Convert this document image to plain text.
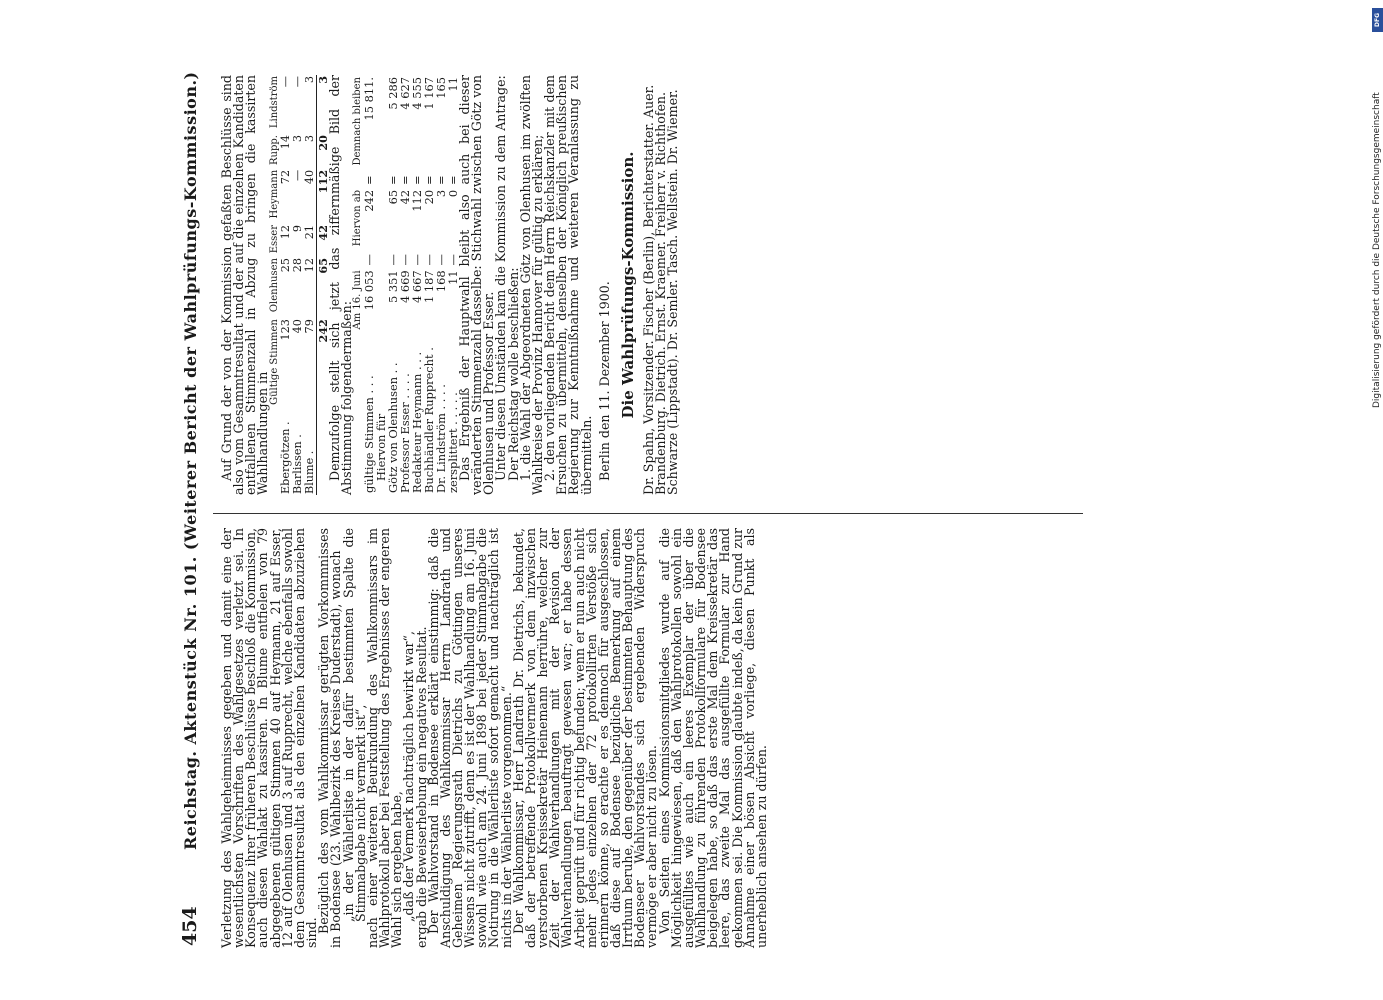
454
Reichstag. Aktenstück Nr. 101. (Weiterer Bericht der Wahlprüfungs-Kommission.) Verletzung des Wahlgeheimnisses gegeben und damit eine der wesentlichsten Vorschriften des Wahlgesetzes verletzt sei. In Konsequenz ihrer früheren Beschlüsse beschloß die Kommission, auch diesen Wahlakt zu kassiren. In Blume entfielen von 79 abgegebenen gültigen Stimmen 40 auf Heymann, 21 auf Esser, 12 auf Olenhusen und 3 auf Rupprecht, welche ebenfalls sowohl dem Gesammtresultat als den einzelnen Kandidaten abzuziehen sind.

Bezüglich des vom Wahlkommissar gerügten Vorkommnisses in Bodensee (23. Wahlbezirk des Kreises Duderstadt), wonach

„in der Wählerliste in der dafür bestimmten Spalte die Stimmabgabe nicht vermerkt ist“,

nach einer weiteren Beurkundung des Wahlkommissars im Wahlprotokoll aber bei Feststellung des Ergebnisses der engeren Wahl sich ergeben habe,

„daß der Vermerk nachträglich bewirkt war“,

ergab die Beweiserhebung ein negatives Resultat.

Der Wahlvorstand in Bodensee erklärt einstimmig: daß die Anschuldigung des Wahlkommissar Herrn Landrath und Geheimen Regierungsrath Dietrichs zu Göttingen unseres Wissens nicht zutrifft, denn es ist der Wahlhandlung am 16. Juni sowohl wie auch am 24. Juni 1898 bei jeder Stimmabgabe die Notirung in die Wählerliste sofort gemacht und nachträglich ist nichts in der Wählerliste vorgenommen.“

Der Wahlkommissar, Herr Landrath Dr. Dietrichs, bekundet, daß der betreffende Protokollvermerk von dem inzwischen verstorbenen Kreissekretär Heinemann herrühre, welcher zur Zeit der Wahlverhandlungen mit der Revision der Wahlverhandlungen beauftragt gewesen war; er habe dessen Arbeit geprüft und für richtig befunden; wenn er nun auch nicht mehr jedes einzelnen der 72 protokollirten Verstöße sich erinnern könne, so erachte er es dennoch für ausgeschlossen, daß diese auf Bodensee bezügliche Bemerkung auf einem Irrthum beruhe, den gegenüber der bestimmten Behauptung des Bodenseer Wahlvorstandes sich ergebenden Widerspruch vermöge er aber nicht zu lösen.

Von Seiten eines Kommissionsmitgliedes wurde auf die Möglichkeit hingewiesen, daß den Wahlprotokollen sowohl ein ausgefülltes wie auch ein leeres Exemplar der über die Wahlhandlung zu führenden Protokollformulare für Bodensee beigelegen habe, so daß das erste Mal dem Kreissekretär das leere, das zweite Mal das ausgefüllte Formular zur Hand gekommen sei. Die Kommission glaubte indeß, da kein Grund zur Annahme einer bösen Absicht vorliege, diesen Punkt als unerheblich ansehen zu dürfen.

Auf Grund der von der Kommission gefaßten Beschlüsse sind also vom Gesammtresultat und der auf die einzelnen Kandidaten entfallenen Stimmenzahl in Abzug zu bringen die kassirten Wahlhandlungen in

	Gültige Stimmen	Olenhusen	Esser	Heymann	Rupp.	Lindström
Ebergötzen .	123	25	12	72	14	—
Barlissen .	40	28	9	—	3	—
Blume .	79	12	21	40	3	3
	242	65	42	112	20	3

Demzufolge stellt sich jetzt das ziffernmäßige Bild der Abstimmung folgendermaßen:

	Am 16. Juni		Hiervon ab		Demnach bleiben
gültige Stimmen . . .	16 053	—	242	=	15 811.
Hiervon für					
Götz von Olenhusen . .	5 351	—	65	=	5 286
Professor Esser . . . .	4 669	—	42	=	4 627
Redakteur Heymann . . .	4 667	—	112	=	4 555
Buchhändler Rupprecht .	1 187	—	20	=	1 167
Dr. Lindström . . . .	168	—	3	=	165
zersplittert . . . . .	11	—	0	=	11

Das Ergebniß der Hauptwahl bleibt also auch bei dieser veränderten Stimmenzahl dasselbe: Stichwahl zwischen Götz von Olenhusen und Professor Esser.

Unter diesen Umständen kam die Kommission zu dem Antrage:

Der Reichstag wolle beschließen:

1. die Wahl der Abgeordneten Götz von Olenhusen im zwölften Wahlkreise der Provinz Hannover für gültig zu erklären;

2. den vorliegenden Bericht dem Herrn Reichskanzler mit dem Ersuchen zu übermitteln, denselben der Königlich preußischen Regierung zur Kenntnißnahme und weiteren Veranlassung zu übermitteln. Berlin den 11. Dezember 1900. Die Wahlprüfungs-Kommission. Dr. Spahn, Vorsitzender. Fischer (Berlin), Berichterstatter. Auer. Brandenburg. Dietrich. Ernst. Kraemer. Freiherr v. Richthofen. Schwarze (Lippstadt). Dr. Semler. Tasch. Wellstein. Dr. Wiemer.

DFG
Digitalisierung gefördert durch die Deutsche Forschungsgemeinschaft
